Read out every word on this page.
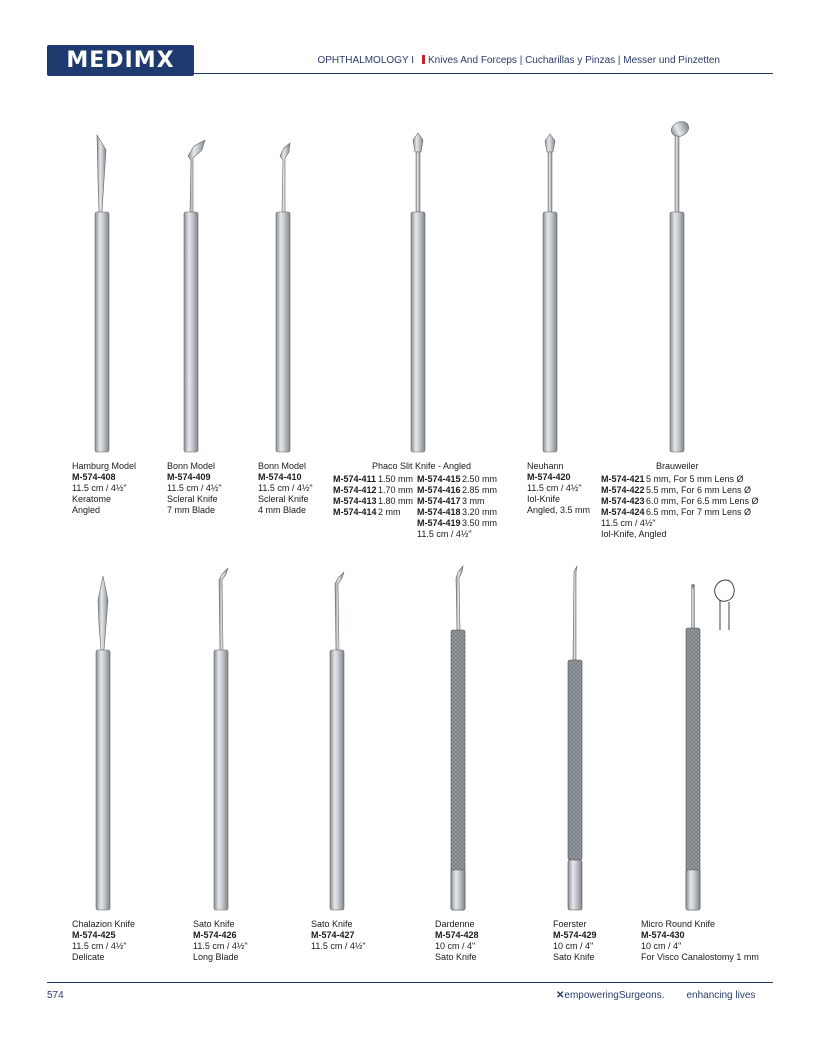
MEDIMX	OPHTHALMOLOGY I Knives And Forceps | Cucharillas y Pinzas | Messer und Pinzetten
Hamburg Model
M-574-408
11.5 cm / 4½"
Keratome
Angled
Bonn Model
M-574-409
11.5 cm / 4½"
Scleral Knife
7 mm Blade
Bonn Model
M-574-410
11.5 cm / 4½"
Scleral Knife
4 mm Blade
Phaco Slit Knife - Angled
M-574-411 1.50 mm
M-574-4121.70 mm
M-574-4131.80 mm
M-574-4142 mm
M-574-4152.50 mm
M-574-4162.85 mm
M-574-4173 mm
M-574-4183.20 mm
M-574-4193.50 mm
11.5 cm / 4½"
Neuhann
M-574-420
11.5 cm / 4½"
Iol-Knife
Angled, 3.5 mm
Brauweiler
M-574-4215 mm, For 5 mm Lens Ø
M-574-4225.5 mm, For 6 mm Lens Ø
M-574-4236.0 mm, For 6.5 mm Lens Ø
M-574-4246.5 mm, For 7 mm Lens Ø
11.5 cm / 4½"
Iol-Knife, Angled
Chalazion Knife
M-574-425
11.5 cm / 4½"
Delicate
Sato Knife
M-574-426
11.5 cm / 4½"
Long Blade
Sato Knife
M-574-427
11.5 cm / 4½"
Dardenne
M-574-428
10 cm / 4"
Sato Knife
Foerster
M-574-429
10 cm / 4"
Sato Knife
Micro Round Knife
M-574-430
10 cm / 4"
For Visco Canalostomy 1 mm
574	✕empoweringSurgeons. enhancing lives
